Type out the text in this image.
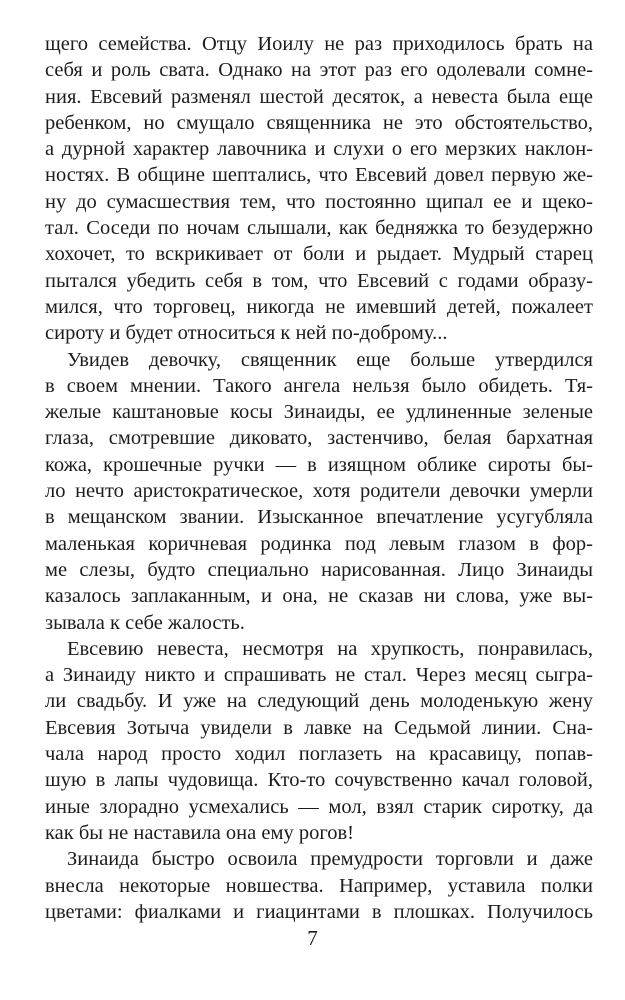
щего семейства. Отцу Иоилу не раз приходилось брать на
себя и роль свата. Однако на этот раз его одолевали сомне-
ния. Евсевий разменял шестой десяток, а невеста была еще
ребенком, но смущало священника не это обстоятельство,
а дурной характер лавочника и слухи о его мерзких наклон-
ностях. В общине шептались, что Евсевий довел первую же-
ну до сумасшествия тем, что постоянно щипал ее и щеко-
тал. Соседи по ночам слышали, как бедняжка то безудержно
хохочет, то вскрикивает от боли и рыдает. Мудрый старец
пытался убедить себя в том, что Евсевий с годами образу-
мился, что торговец, никогда не имевший детей, пожалеет
сироту и будет относиться к ней по-доброму...
Увидев девочку, священник еще больше утвердился
в своем мнении. Такого ангела нельзя было обидеть. Тя-
желые каштановые косы Зинаиды, ее удлиненные зеленые
глаза, смотревшие диковато, застенчиво, белая бархатная
кожа, крошечные ручки — в изящном облике сироты бы-
ло нечто аристократическое, хотя родители девочки умерли
в мещанском звании. Изысканное впечатление усугубляла
маленькая коричневая родинка под левым глазом в фор-
ме слезы, будто специально нарисованная. Лицо Зинаиды
казалось заплаканным, и она, не сказав ни слова, уже вы-
зывала к себе жалость.
Евсевию невеста, несмотря на хрупкость, понравилась,
а Зинаиду никто и спрашивать не стал. Через месяц сыгра-
ли свадьбу. И уже на следующий день молоденькую жену
Евсевия Зотыча увидели в лавке на Седьмой линии. Сна-
чала народ просто ходил поглазеть на красавицу, попав-
шую в лапы чудовища. Кто-то сочувственно качал головой,
иные злорадно усмехались — мол, взял старик сиротку, да
как бы не наставила она ему рогов!
Зинаида быстро освоила премудрости торговли и даже
внесла некоторые новшества. Например, уставила полки
цветами: фиалками и гиацинтами в плошках. Получилось
7
